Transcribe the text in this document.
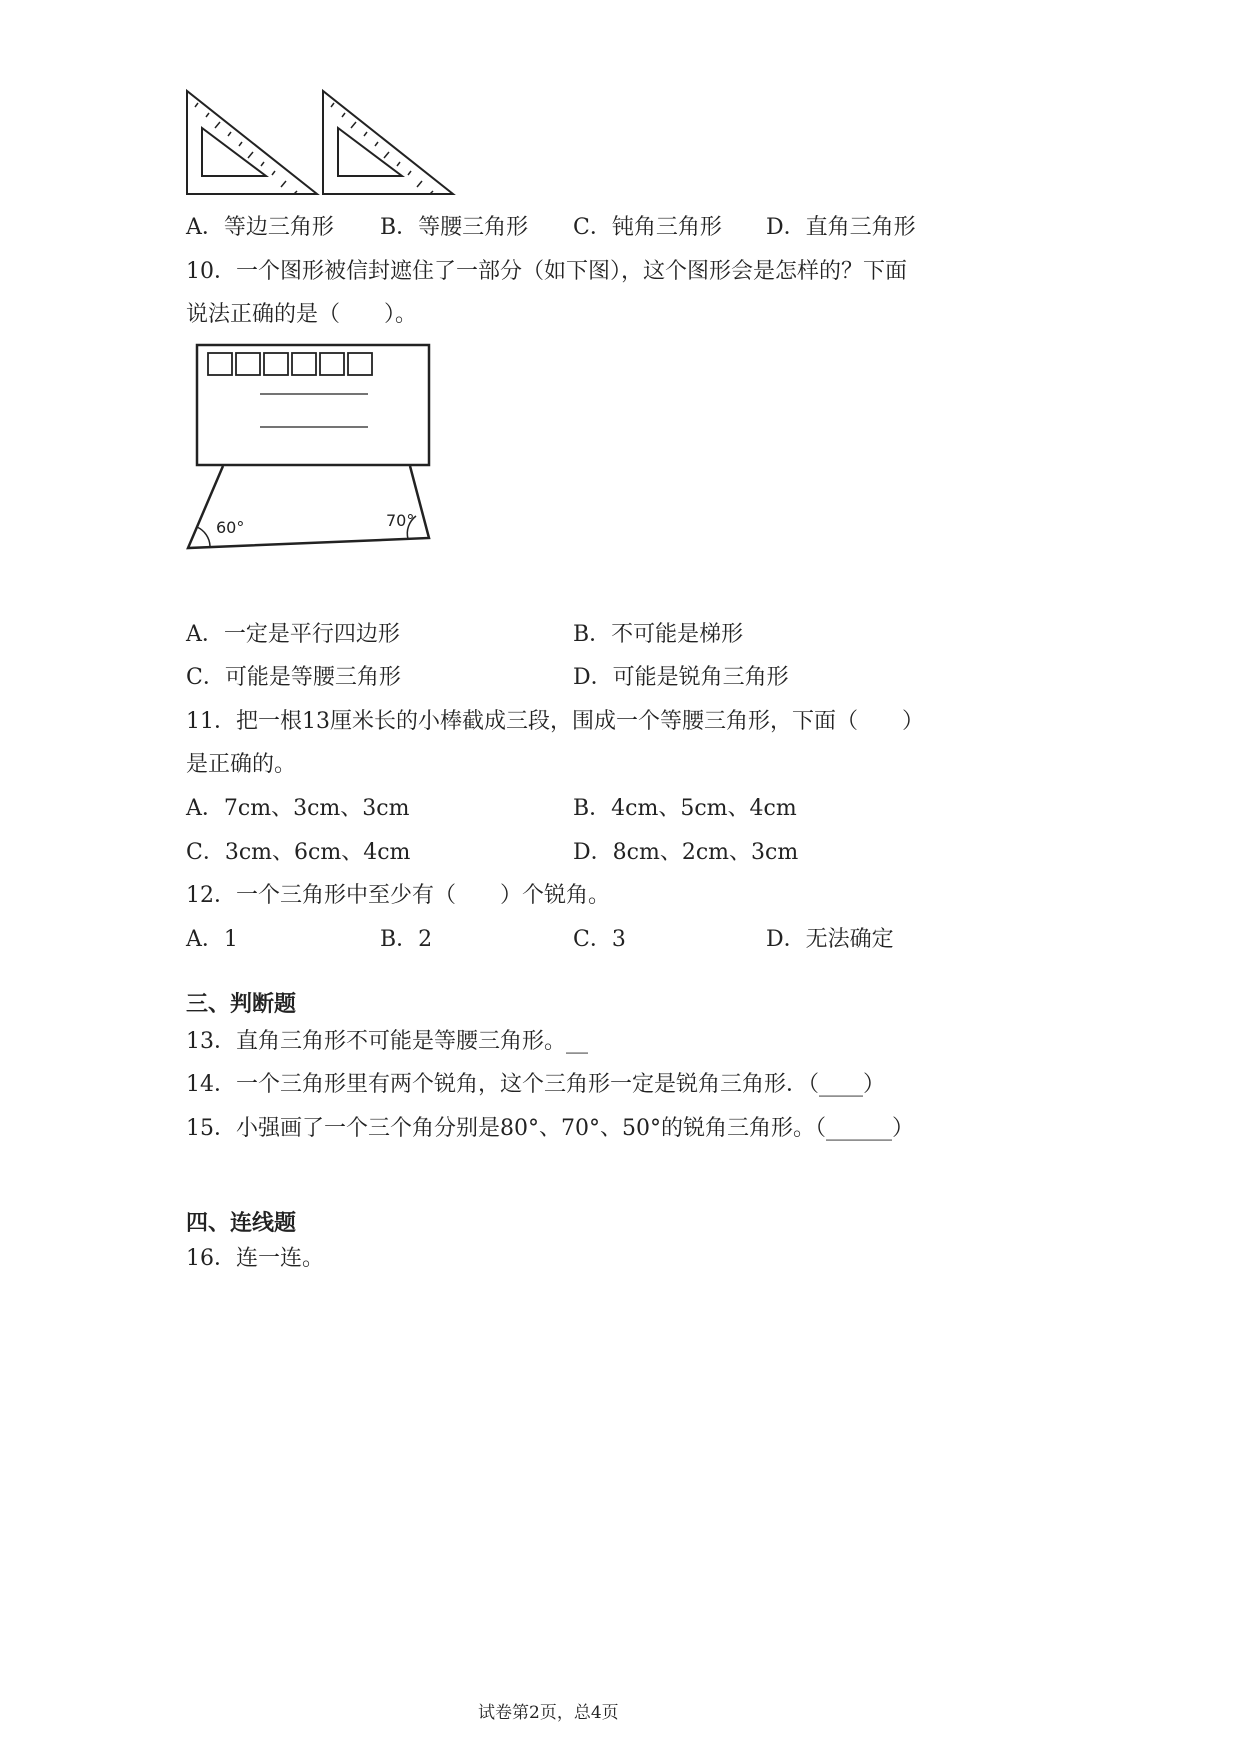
A．等边三角形 B．等腰三角形 C．钝角三角形 D．直角三角形
10．一个图形被信封遮住了一部分（如下图），这个图形会是怎样的？下面
说法正确的是（　　）。
60°	70°
A．一定是平行四边形	B．不可能是梯形
C．可能是等腰三角形	D．可能是锐角三角形
11．把一根13厘米长的小棒截成三段，围成一个等腰三角形，下面（　　）
是正确的。
A．7cm、3cm、3cm	B．4cm、5cm、4cm
C．3cm、6cm、4cm	D．8cm、2cm、3cm
12．一个三角形中至少有（　　）个锐角。
A．1	B．2	C．3	D．无法确定
三、判断题
13．直角三角形不可能是等腰三角形。__
14．一个三角形里有两个锐角，这个三角形一定是锐角三角形．（____）
15．小强画了一个三个角分别是80°、70°、50°的锐角三角形。（______）
四、连线题
16．连一连。
试卷第2页，总4页
